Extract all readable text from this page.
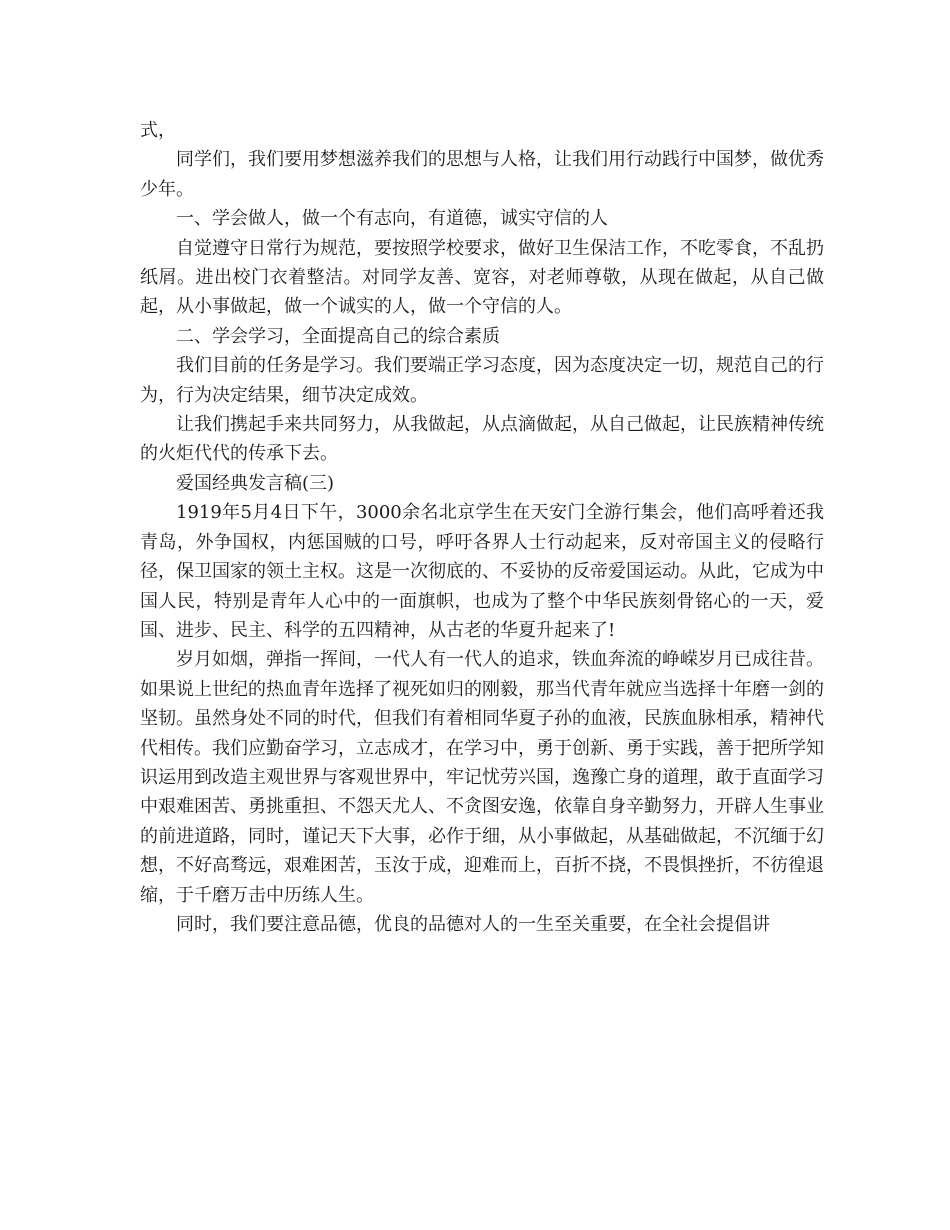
式，

同学们，我们要用梦想滋养我们的思想与人格，让我们用行动践行中国梦，做优秀少年。

一、学会做人，做一个有志向，有道德，诚实守信的人

自觉遵守日常行为规范，要按照学校要求，做好卫生保洁工作，不吃零食，不乱扔纸屑。进出校门衣着整洁。对同学友善、宽容，对老师尊敬，从现在做起，从自己做起，从小事做起，做一个诚实的人，做一个守信的人。

二、学会学习，全面提高自己的综合素质

我们目前的任务是学习。我们要端正学习态度，因为态度决定一切，规范自己的行为，行为决定结果，细节决定成效。

让我们携起手来共同努力，从我做起，从点滴做起，从自己做起，让民族精神传统的火炬代代的传承下去。

爱国经典发言稿(三)

1919年5月4日下午，3000余名北京学生在天安门全游行集会，他们高呼着还我青岛，外争国权，内惩国贼的口号，呼吁各界人士行动起来，反对帝国主义的侵略行径，保卫国家的领土主权。这是一次彻底的、不妥协的反帝爱国运动。从此，它成为中国人民，特别是青年人心中的一面旗帜，也成为了整个中华民族刻骨铭心的一天，爱国、进步、民主、科学的五四精神，从古老的华夏升起来了!

岁月如烟，弹指一挥间，一代人有一代人的追求，铁血奔流的峥嵘岁月已成往昔。如果说上世纪的热血青年选择了视死如归的刚毅，那当代青年就应当选择十年磨一剑的坚韧。虽然身处不同的时代，但我们有着相同华夏子孙的血液，民族血脉相承，精神代代相传。我们应勤奋学习，立志成才，在学习中，勇于创新、勇于实践，善于把所学知识运用到改造主观世界与客观世界中，牢记忧劳兴国，逸豫亡身的道理，敢于直面学习中艰难困苦、勇挑重担、不怨天尤人、不贪图安逸，依靠自身辛勤努力，开辟人生事业的前进道路，同时，谨记天下大事，必作于细，从小事做起，从基础做起，不沉缅于幻想，不好高骛远，艰难困苦，玉汝于成，迎难而上，百折不挠，不畏惧挫折，不彷徨退缩，于千磨万击中历练人生。

同时，我们要注意品德，优良的品德对人的一生至关重要，在全社会提倡讲
